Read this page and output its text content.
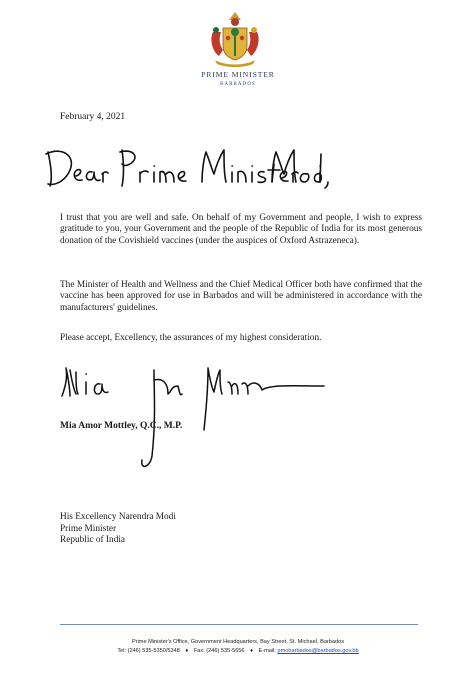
PRIME MINISTER
BARBADOS
February 4, 2021

I trust that you are well and safe. On behalf of my Government and people, I wish to express gratitude to you, your Government and the people of the Republic of India for its most generous donation of the Covishield vaccines (under the auspices of Oxford Astrazeneca).

The Minister of Health and Wellness and the Chief Medical Officer both have confirmed that the vaccine has been approved for use in Barbados and will be administered in accordance with the manufacturers' guidelines.

Please accept, Excellency, the assurances of my highest consideration.

Mia Amor Mottley, Q.C., M.P.
His Excellency Narendra Modi
Prime Minister
Republic of India
Prime Minister's Office, Government Headquarters, Bay Street, St. Michael, Barbados
Tel: (246) 535-5350/5348 ♦ Fax: (246) 535-5656 ♦ E-mail: pmobarbados@barbados.gov.bb
